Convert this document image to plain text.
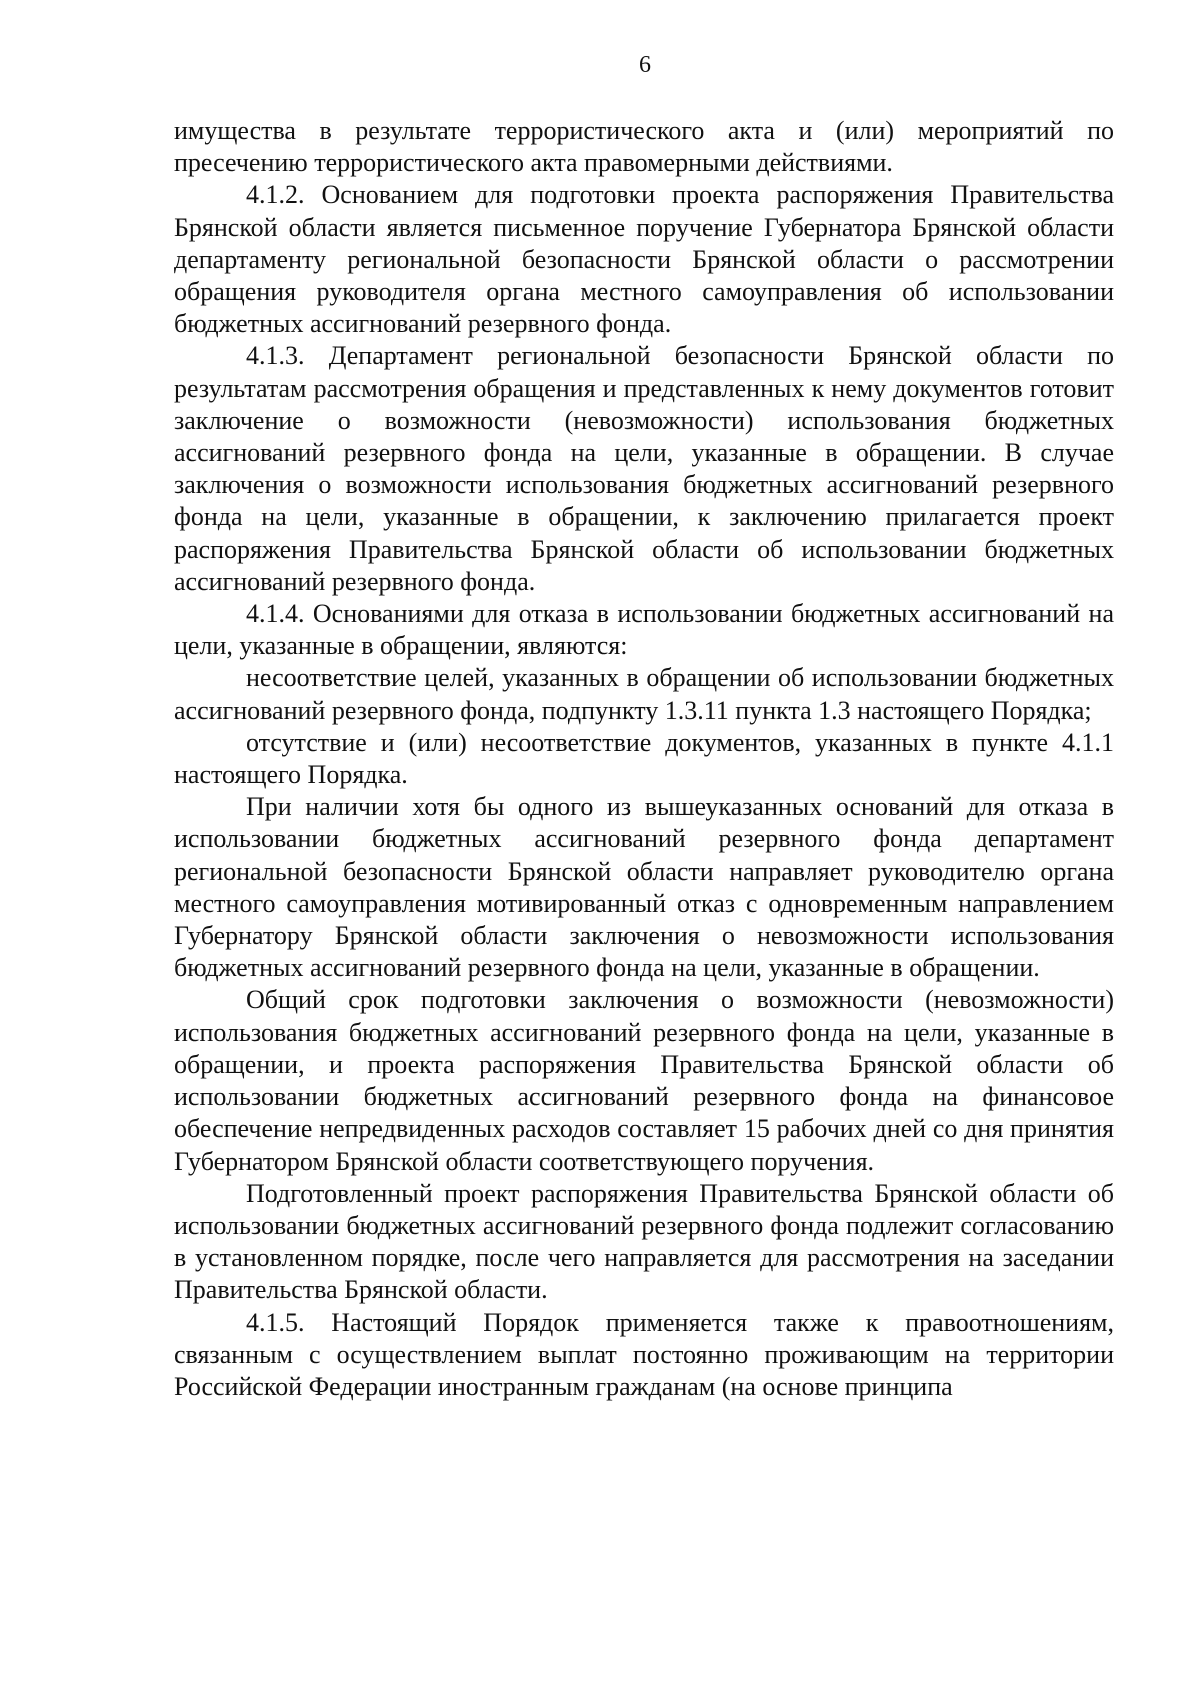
6

имущества в результате террористического акта и (или) мероприятий по пресечению террористического акта правомерными действиями.

4.1.2. Основанием для подготовки проекта распоряжения Правительства Брянской области является письменное поручение Губернатора Брянской области департаменту региональной безопасности Брянской области о рассмотрении обращения руководителя органа местного самоуправления об использовании бюджетных ассигнований резервного фонда.

4.1.3. Департамент региональной безопасности Брянской области по результатам рассмотрения обращения и представленных к нему документов готовит заключение о возможности (невозможности) использования бюджетных ассигнований резервного фонда на цели, указанные в обращении. В случае заключения о возможности использования бюджетных ассигнований резервного фонда на цели, указанные в обращении, к заключению прилагается проект распоряжения Правительства Брянской области об использовании бюджетных ассигнований резервного фонда.

4.1.4. Основаниями для отказа в использовании бюджетных ассигнований на цели, указанные в обращении, являются:

несоответствие целей, указанных в обращении об использовании бюджетных ассигнований резервного фонда, подпункту 1.3.11 пункта 1.3 настоящего Порядка;

отсутствие и (или) несоответствие документов, указанных в пункте 4.1.1 настоящего Порядка.

При наличии хотя бы одного из вышеуказанных оснований для отказа в использовании бюджетных ассигнований резервного фонда департамент региональной безопасности Брянской области направляет руководителю органа местного самоуправления мотивированный отказ с одновременным направлением Губернатору Брянской области заключения о невозможности использования бюджетных ассигнований резервного фонда на цели, указанные в обращении.

Общий срок подготовки заключения о возможности (невозможности) использования бюджетных ассигнований резервного фонда на цели, указанные в обращении, и проекта распоряжения Правительства Брянской области об использовании бюджетных ассигнований резервного фонда на финансовое обеспечение непредвиденных расходов составляет 15 рабочих дней со дня принятия Губернатором Брянской области соответствующего поручения.

Подготовленный проект распоряжения Правительства Брянской области об использовании бюджетных ассигнований резервного фонда подлежит согласованию в установленном порядке, после чего направляется для рассмотрения на заседании Правительства Брянской области.

4.1.5. Настоящий Порядок применяется также к правоотношениям, связанным с осуществлением выплат постоянно проживающим на территории Российской Федерации иностранным гражданам (на основе принципа
